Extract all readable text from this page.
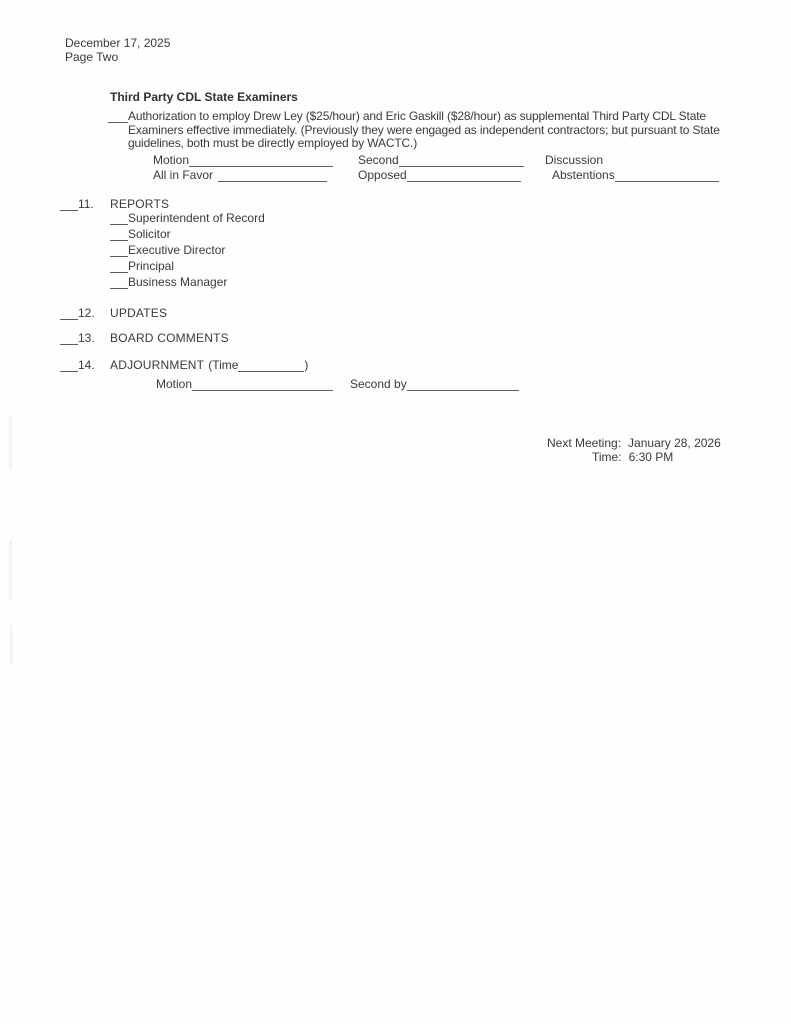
December 17, 2025
Page Two
Third Party CDL State Examiners
Authorization to employ Drew Ley ($25/hour) and Eric Gaskill ($28/hour) as supplemental Third Party CDL State
Examiners effective immediately. (Previously they were engaged as independent contractors; but pursuant to State
guidelines, both must be directly employed by WACTC.)
Motion	Second	Discussion
All in Favor	Opposed	Abstentions
11. REPORTS
Superintendent of Record
Solicitor
Executive Director
Principal
Business Manager
12. UPDATES
13. BOARD COMMENTS
14. ADJOURNMENT (Time	)
Motion	Second by
Next Meeting: January 28, 2026
Time: 6:30 PM
